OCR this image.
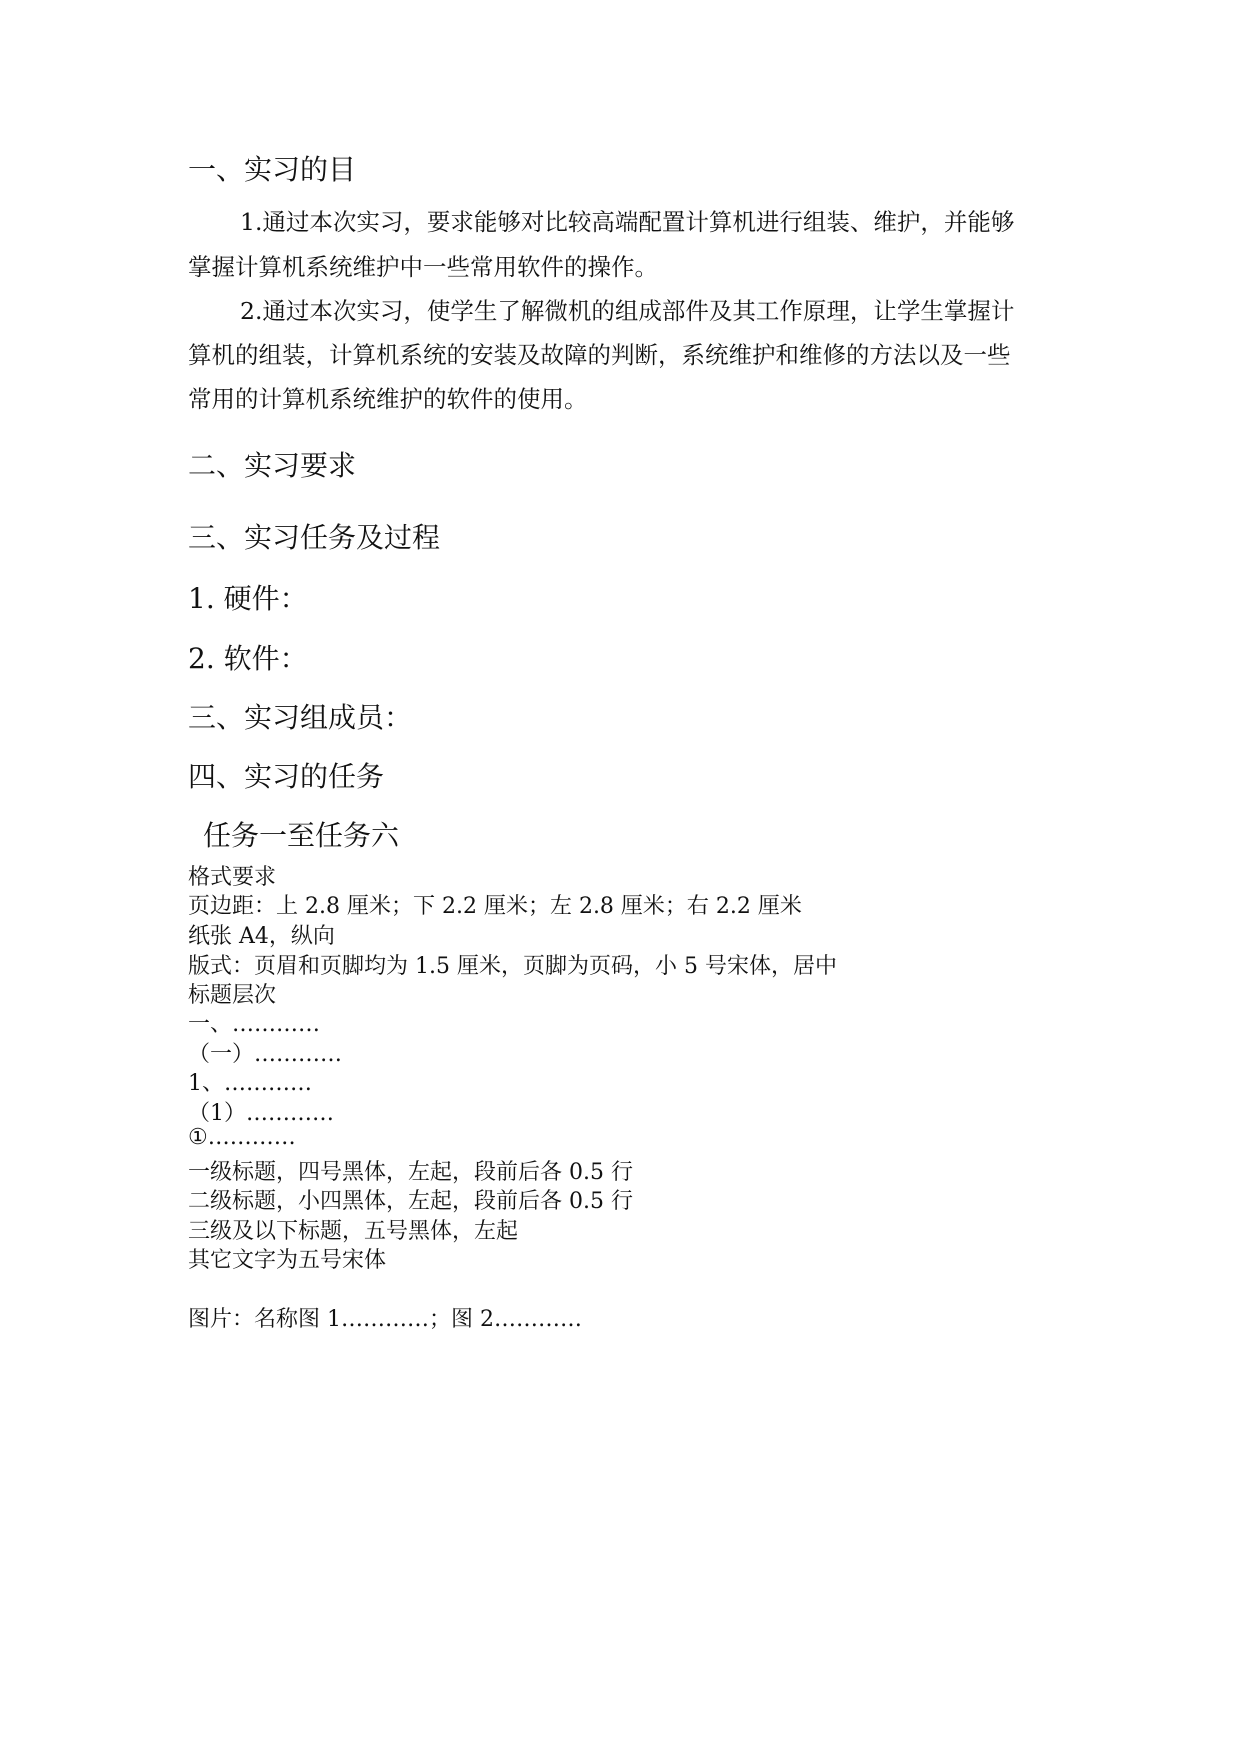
一、实习的目
1.通过本次实习，要求能够对比较高端配置计算机进行组装、维护，并能够
掌握计算机系统维护中一些常用软件的操作。
2.通过本次实习，使学生了解微机的组成部件及其工作原理，让学生掌握计
算机的组装，计算机系统的安装及故障的判断，系统维护和维修的方法以及一些
常用的计算机系统维护的软件的使用。
二、实习要求
三、实习任务及过程
1. 硬件：
2. 软件：
三、实习组成员：
四、实习的任务
任务一至任务六
格式要求
页边距：上 2.8 厘米；下 2.2 厘米；左 2.8 厘米；右 2.2 厘米
纸张 A4，纵向
版式：页眉和页脚均为 1.5 厘米，页脚为页码，小 5 号宋体，居中
标题层次
一、…………
（一）…………
1、…………
（1）…………
①…………
一级标题，四号黑体，左起，段前后各 0.5 行
二级标题，小四黑体，左起，段前后各 0.5 行
三级及以下标题，五号黑体，左起
其它文字为五号宋体
图片：名称图 1…………；图 2…………
